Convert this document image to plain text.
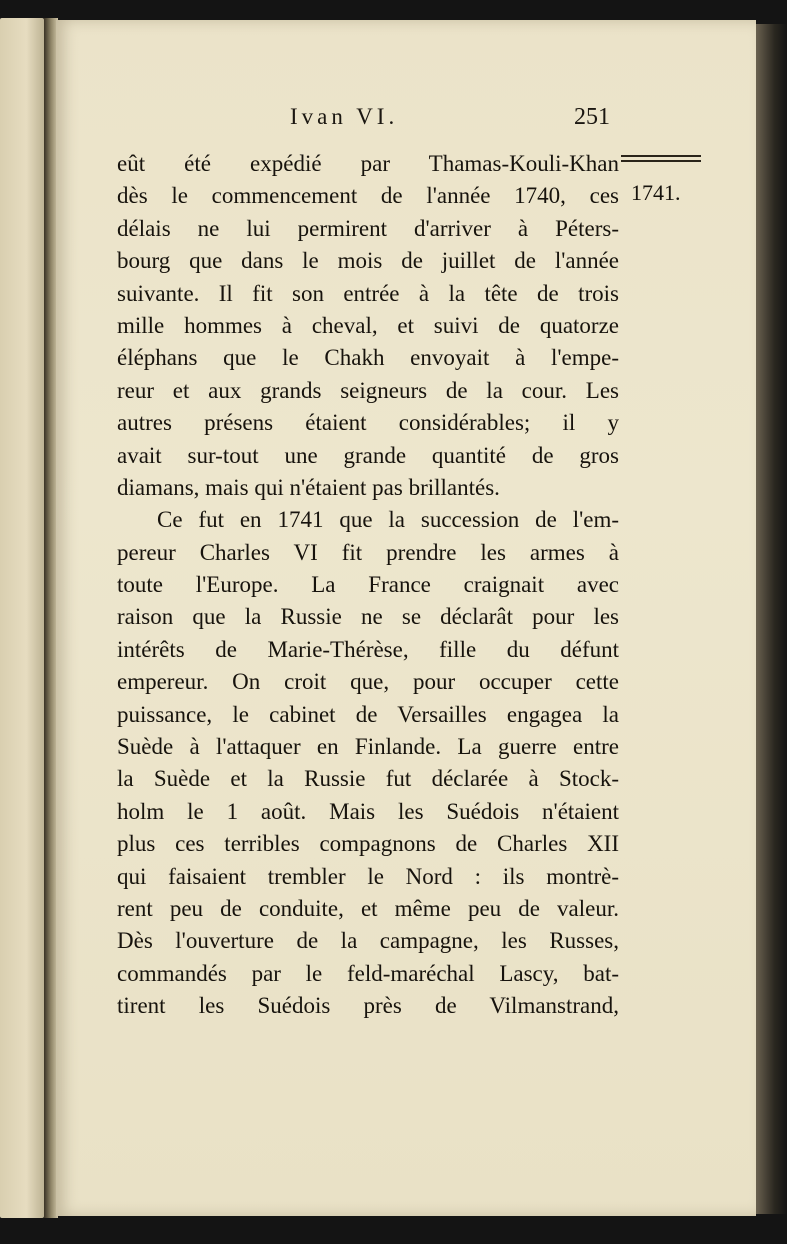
Ivan VI.	251
1741.
eût été expédié par Thamas-Kouli-Khan
dès le commencement de l'année 1740, ces
délais ne lui permirent d'arriver à Péters-
bourg que dans le mois de juillet de l'année
suivante. Il fit son entrée à la tête de trois
mille hommes à cheval, et suivi de quatorze
éléphans que le Chakh envoyait à l'empe-
reur et aux grands seigneurs de la cour. Les
autres présens étaient considérables; il y
avait sur-tout une grande quantité de gros
diamans, mais qui n'étaient pas brillantés.
Ce fut en 1741 que la succession de l'em-
pereur Charles VI fit prendre les armes à
toute l'Europe. La France craignait avec
raison que la Russie ne se déclarât pour les
intérêts de Marie-Thérèse, fille du défunt
empereur. On croit que, pour occuper cette
puissance, le cabinet de Versailles engagea la
Suède à l'attaquer en Finlande. La guerre entre
la Suède et la Russie fut déclarée à Stock-
holm le 1 août. Mais les Suédois n'étaient
plus ces terribles compagnons de Charles XII
qui faisaient trembler le Nord : ils montrè-
rent peu de conduite, et même peu de valeur.
Dès l'ouverture de la campagne, les Russes,
commandés par le feld-maréchal Lascy, bat-
tirent les Suédois près de Vilmanstrand,
